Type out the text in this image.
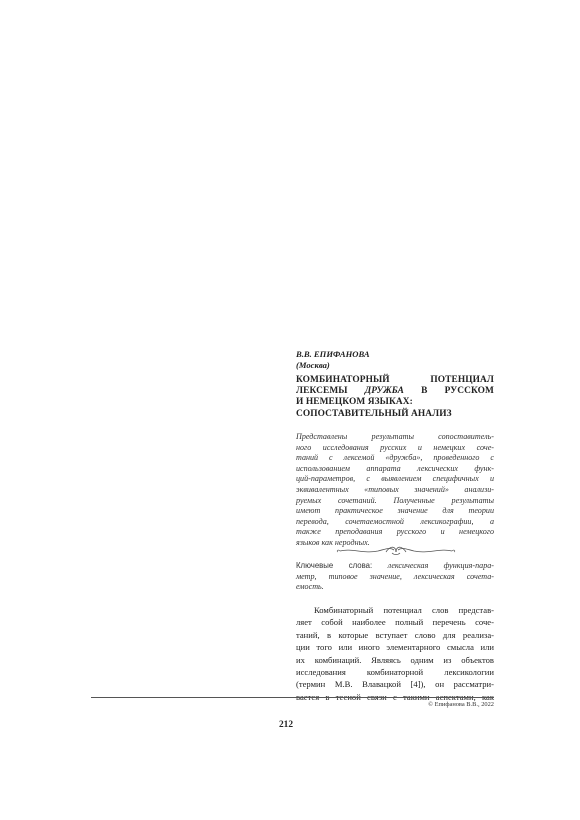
В.В. ЕПИФАНОВА
(Москва)
КОМБИНАТОРНЫЙ ПОТЕНЦИАЛ
ЛЕКСЕМЫ ДРУЖБА В РУССКОМ
И НЕМЕЦКОМ ЯЗЫКАХ:
СОПОСТАВИТЕЛЬНЫЙ АНАЛИЗ
Представлены результаты сопоставитель-
ного исследования русских и немецких соче-
таний с лексемой «дружба», проведенного с
использованием аппарата лексических функ-
ций-параметров, с выявлением специфичных и
эквивалентных «типовых значений» анализи-
руемых сочетаний. Полученные результаты
имеют практическое значение для теории
перевода, сочетаемостной лексикографии, а
также преподавания русского и немецкого
языков как неродных.
Ключевые слова: лексическая функция-пара-
метр, типовое значение, лексическая сочета-
емость.
Комбинаторный потенциал слов представ-
ляет собой наиболее полный перечень соче-
таний, в которые вступает слово для реализа-
ции того или иного элементарного смысла или
их комбинаций. Являясь одним из объектов
исследования комбинаторной лексикологии
(термин М.В. Влавацкой [4]), он рассматри-
вается в тесной связи с такими аспектами, как
© Епифанова В.В., 2022
212
